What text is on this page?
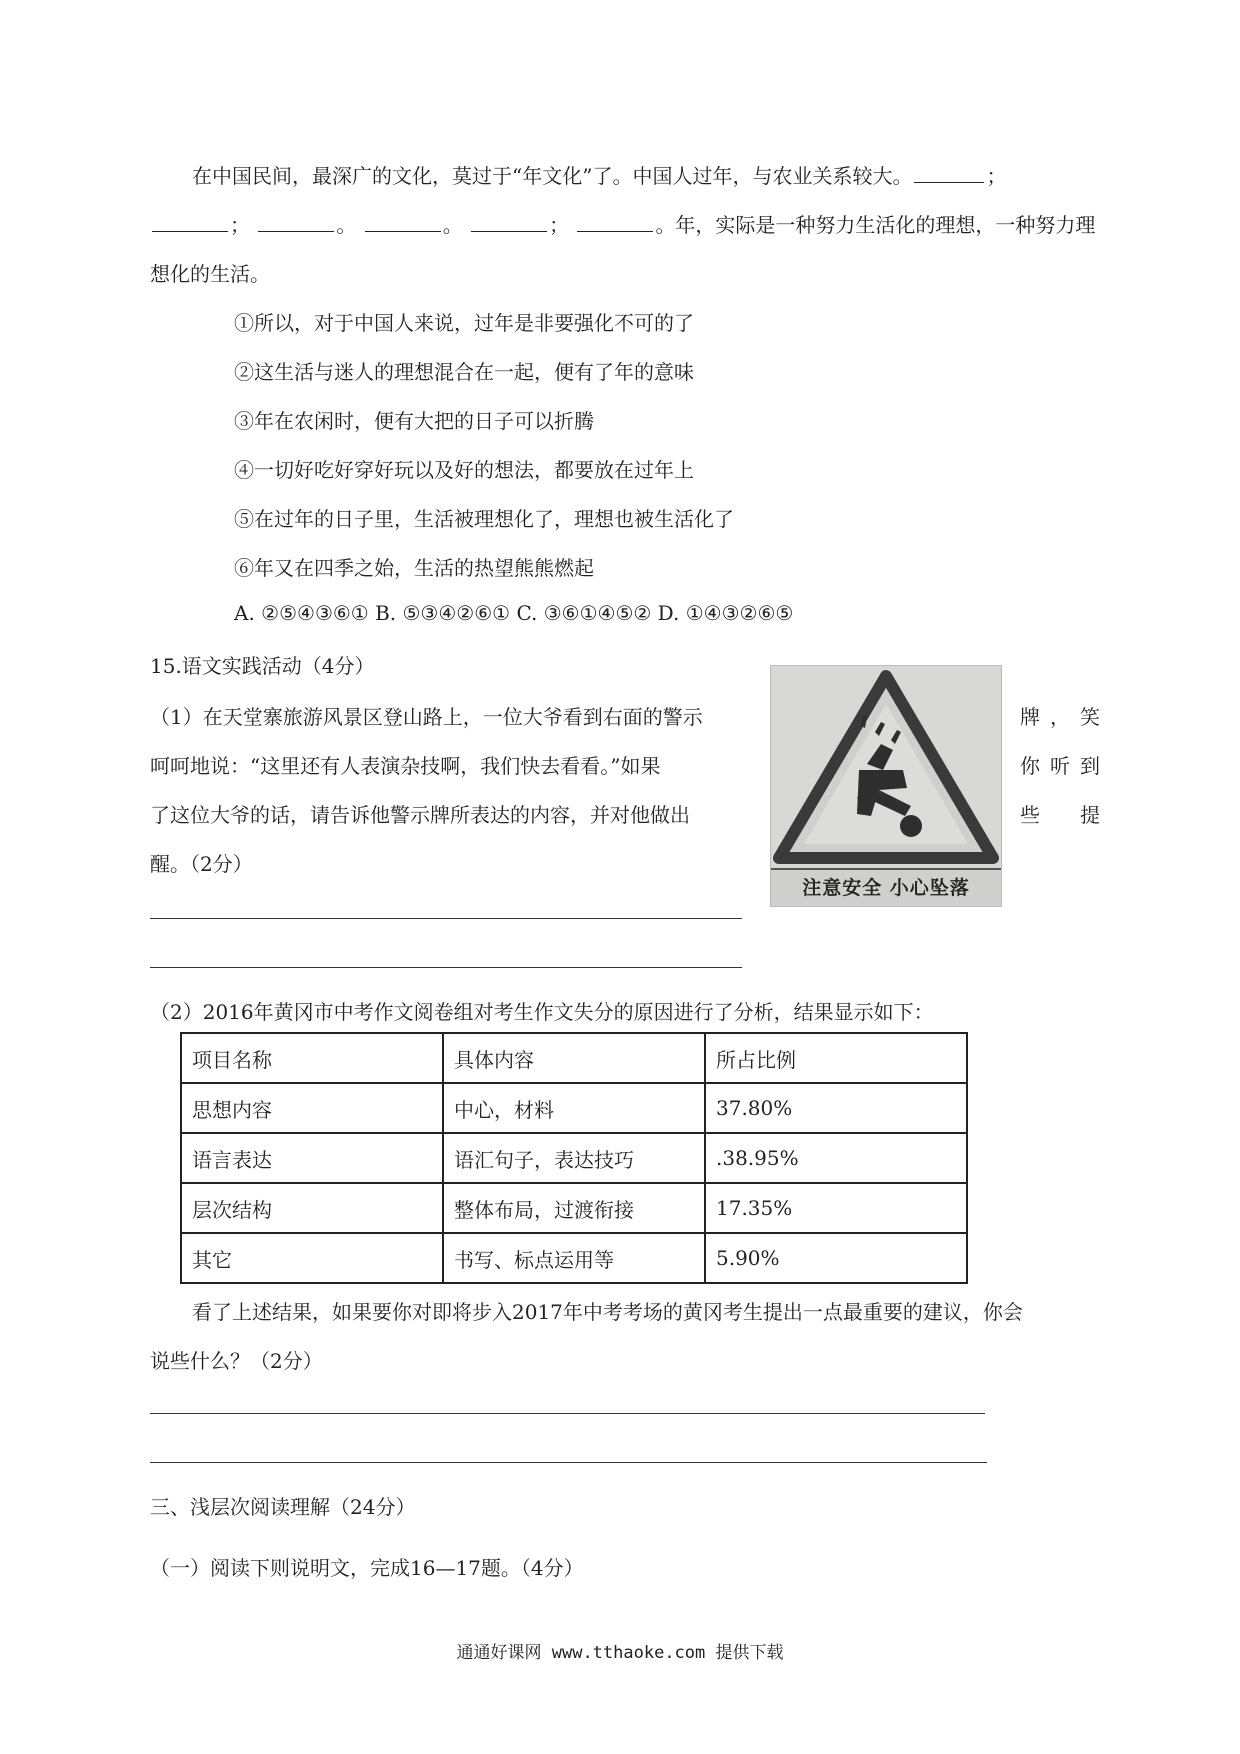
在中国民间，最深广的文化，莫过于“年文化”了。中国人过年，与农业关系较大。	；
；	。	。	；	。年，实际是一种努力生活化的理想，一种努力理
想化的生活。
①所以，对于中国人来说，过年是非要强化不可的了
②这生活与迷人的理想混合在一起，便有了年的意味
③年在农闲时，便有大把的日子可以折腾
④一切好吃好穿好玩以及好的想法，都要放在过年上
⑤在过年的日子里，生活被理想化了，理想也被生活化了
⑥年又在四季之始，生活的热望熊熊燃起
A. ②⑤④③⑥① B. ⑤③④②⑥① C. ③⑥①④⑤② D. ①④③②⑥⑤
15.语文实践活动（4分）
（1）在天堂寨旅游风景区登山路上，一位大爷看到右面的警示	牌 ， 笑
呵呵地说：“这里还有人表演杂技啊，我们快去看看。”如果	你 听 到
了这位大爷的话，请告诉他警示牌所表达的内容，并对他做出	些 提
醒。（2分）
注意安全 小心坠落
（2）2016年黄冈市中考作文阅卷组对考生作文失分的原因进行了分析，结果显示如下：
项目名称	具体内容	所占比例
思想内容	中心，材料	37.80%
语言表达	语汇句子，表达技巧	.38.95%
层次结构	整体布局，过渡衔接	17.35%
其它	书写、标点运用等	5.90%
看了上述结果，如果要你对即将步入2017年中考考场的黄冈考生提出一点最重要的建议，你会
说些什么？（2分）
三、浅层次阅读理解（24分）
（一）阅读下则说明文，完成16—17题。（4分）
通通好课网 www.tthaoke.com 提供下载
